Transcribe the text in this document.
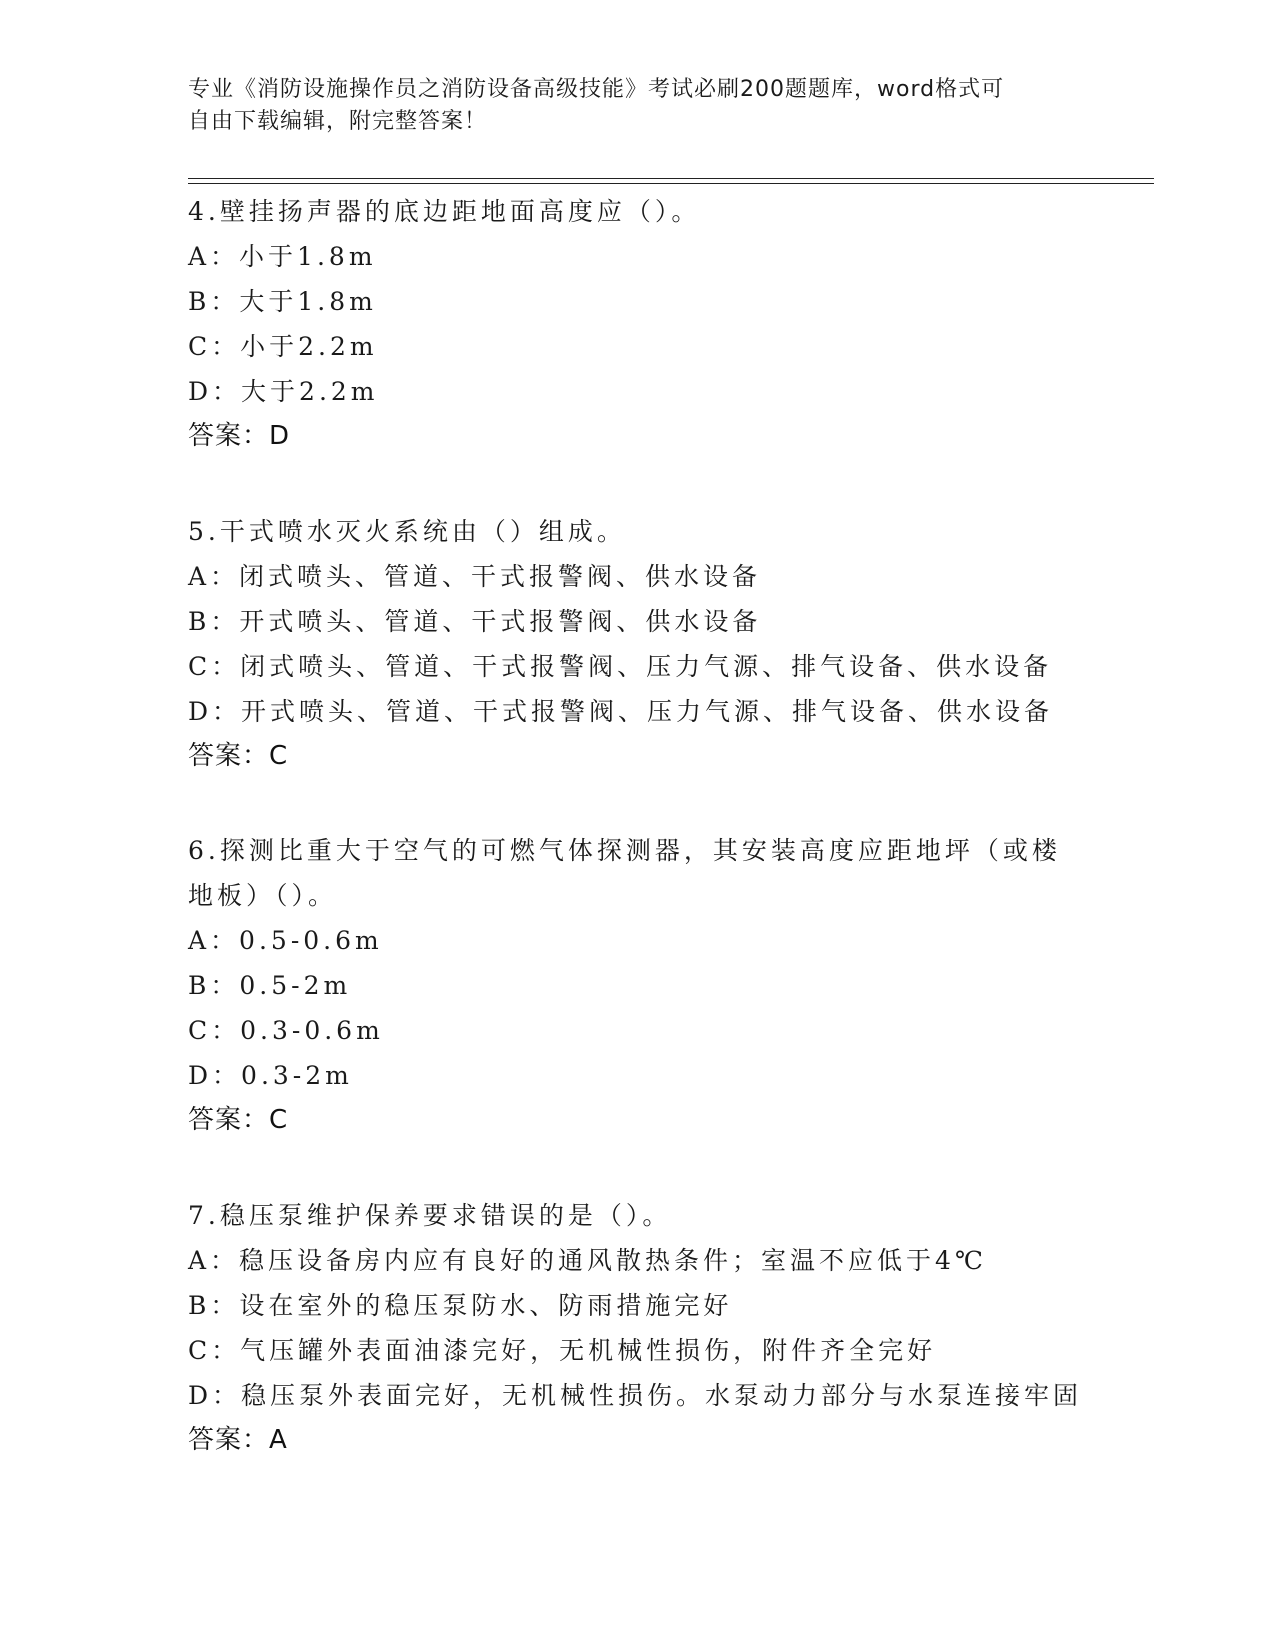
专业《消防设施操作员之消防设备高级技能》考试必刷200题题库，word格式可
自由下载编辑，附完整答案！
4.壁挂扬声器的底边距地面高度应（）。
A：小于1.8m
B：大于1.8m
C：小于2.2m
D：大于2.2m
答案：D
5.干式喷水灭火系统由（）组成。
A：闭式喷头、管道、干式报警阀、供水设备
B：开式喷头、管道、干式报警阀、供水设备
C：闭式喷头、管道、干式报警阀、压力气源、排气设备、供水设备
D：开式喷头、管道、干式报警阀、压力气源、排气设备、供水设备
答案：C
6.探测比重大于空气的可燃气体探测器，其安装高度应距地坪（或楼
地板）（）。
A：0.5-0.6m
B：0.5-2m
C：0.3-0.6m
D：0.3-2m
答案：C
7.稳压泵维护保养要求错误的是（）。
A：稳压设备房内应有良好的通风散热条件；室温不应低于4℃
B：设在室外的稳压泵防水、防雨措施完好
C：气压罐外表面油漆完好，无机械性损伤，附件齐全完好
D：稳压泵外表面完好，无机械性损伤。水泵动力部分与水泵连接牢固
答案：A
